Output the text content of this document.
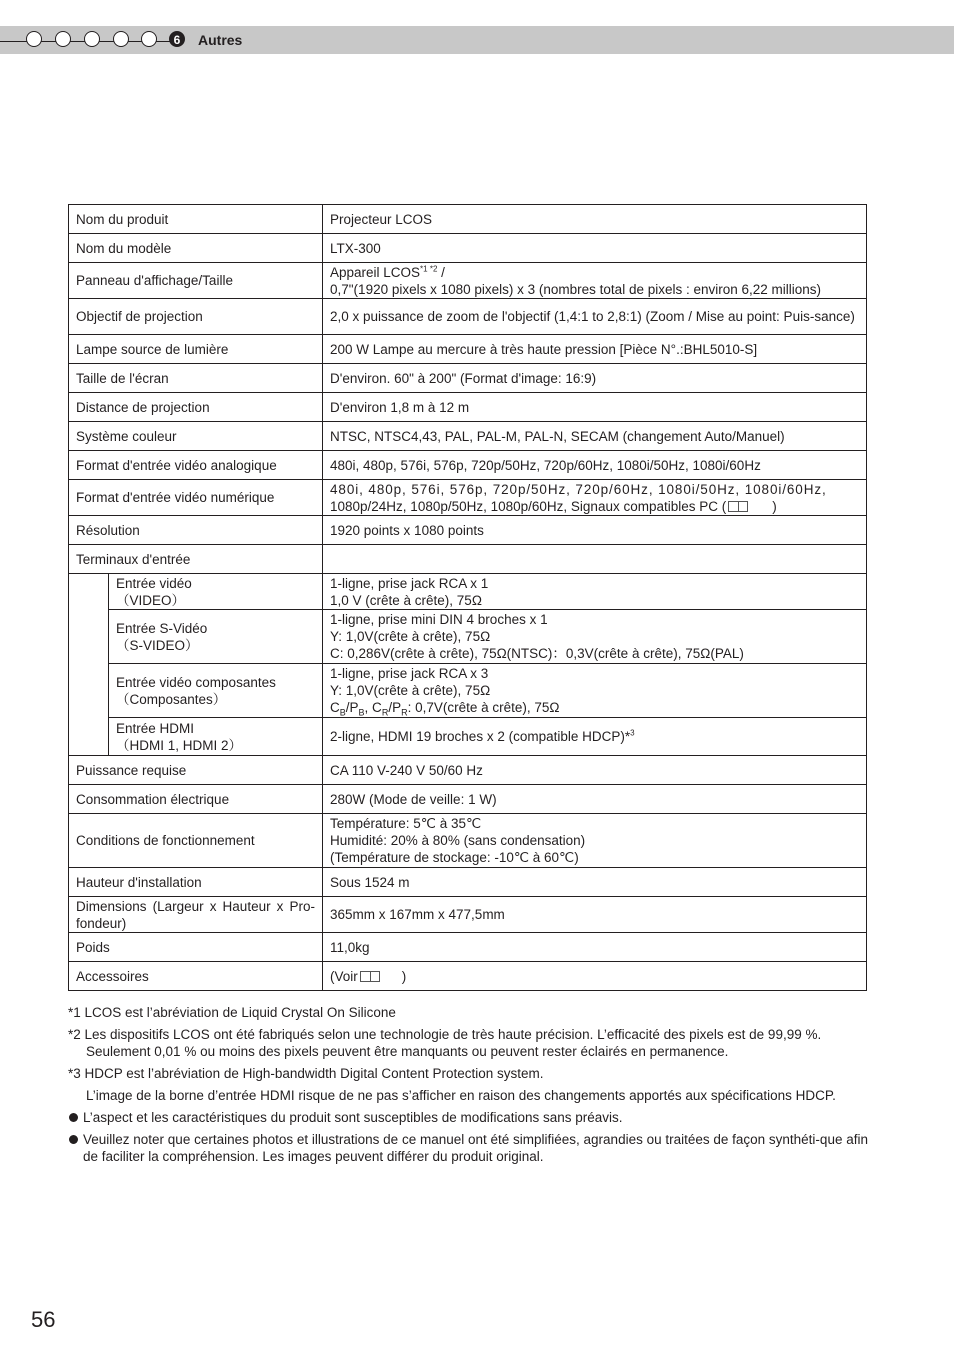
6	Autres
Nom du produit		Projecteur LCOS
Nom du modèle		LTX-300
Panneau d'affichage/Taille		Appareil $LCOS^{*1 *2}$ /
0,7"(1920 pixels x 1080 pixels) x 3 (nombres total de pixels : environ 6,22 millions)
Objectif de projection		2,0 x puissance de zoom de l'objectif (1,4:1 to 2,8:1) (Zoom / Mise au point: Puis-sance)
Lampe source de lumière		200 W Lampe au mercure à très haute pression [Pièce N°.:BHL5010-S]
Taille de l'écran		D'environ. 60" à 200" (Format d'image: 16:9)
Distance de projection		D'environ 1,8 m à 12 m
Système couleur		NTSC, NTSC4,43, PAL, PAL-M, PAL-N, SECAM (changement Auto/Manuel)
Format d'entrée vidéo analogique		480i, 480p, 576i, 576p, 720p/50Hz, 720p/60Hz, 1080i/50Hz, 1080i/60Hz
Format d'entrée vidéo numérique		480i, 480p, 576i, 576p, 720p/50Hz, 720p/60Hz, 1080i/50Hz, 1080i/60Hz,
1080p/24Hz, 1080p/50Hz, 1080p/60Hz, Signaux compatibles PC ( )
Résolution		1920 points x 1080 points
Terminaux d'entrée		
	Entrée vidéo
（VIDEO）	1-ligne, prise jack RCA x 1
1,0 V (crête à crête), 75Ω
	Entrée S-Vidéo
（S-VIDEO）	1-ligne, prise mini DIN 4 broches x 1
Y: 1,0V(crête à crête), 75Ω
C: 0,286V(crête à crête), 75Ω(NTSC)：0,3V(crête à crête), 75Ω(PAL)
	Entrée vidéo composantes
（Composantes）	1-ligne, prise jack RCA x 3
Y: 1,0V(crête à crête), 75Ω
$C_B/P_B$, $C_R/P_R$: 0,7V(crête à crête), 75Ω
	Entrée HDMI
（HDMI 1, HDMI 2）	2-ligne, HDMI 19 broches x 2 (compatible HDCP)*$^3$
Puissance requise		CA 110 V-240 V 50/60 Hz
Consommation électrique		280W (Mode de veille: 1 W)
Conditions de fonctionnement		Température: 5℃ à 35℃
Humidité: 20% à 80% (sans condensation)
(Température de stockage: -10℃ à 60℃)
Hauteur d'installation		Sous 1524 m
Dimensions (Largeur x Hauteur x Pro-fondeur)		365mm x 167mm x 477,5mm
Poids		11,0kg
Accessoires		(Voir )
*1 LCOS est l’abréviation de Liquid Crystal On Silicone
*2 Les dispositifs LCOS ont été fabriqués selon une technologie de très haute précision. L’efficacité des pixels est de 99,99 %.
Seulement 0,01 % ou moins des pixels peuvent être manquants ou peuvent rester éclairés en permanence.
*3 HDCP est l’abréviation de High-bandwidth Digital Content Protection system.
L’image de la borne d’entrée HDMI risque de ne pas s’afficher en raison des changements apportés aux spécifications HDCP.
L’aspect et les caractéristiques du produit sont susceptibles de modifications sans préavis.
Veuillez noter que certaines photos et illustrations de ce manuel ont été simplifiées, agrandies ou traitées de façon synthéti-que afin de faciliter la compréhension. Les images peuvent différer du produit original.
56
